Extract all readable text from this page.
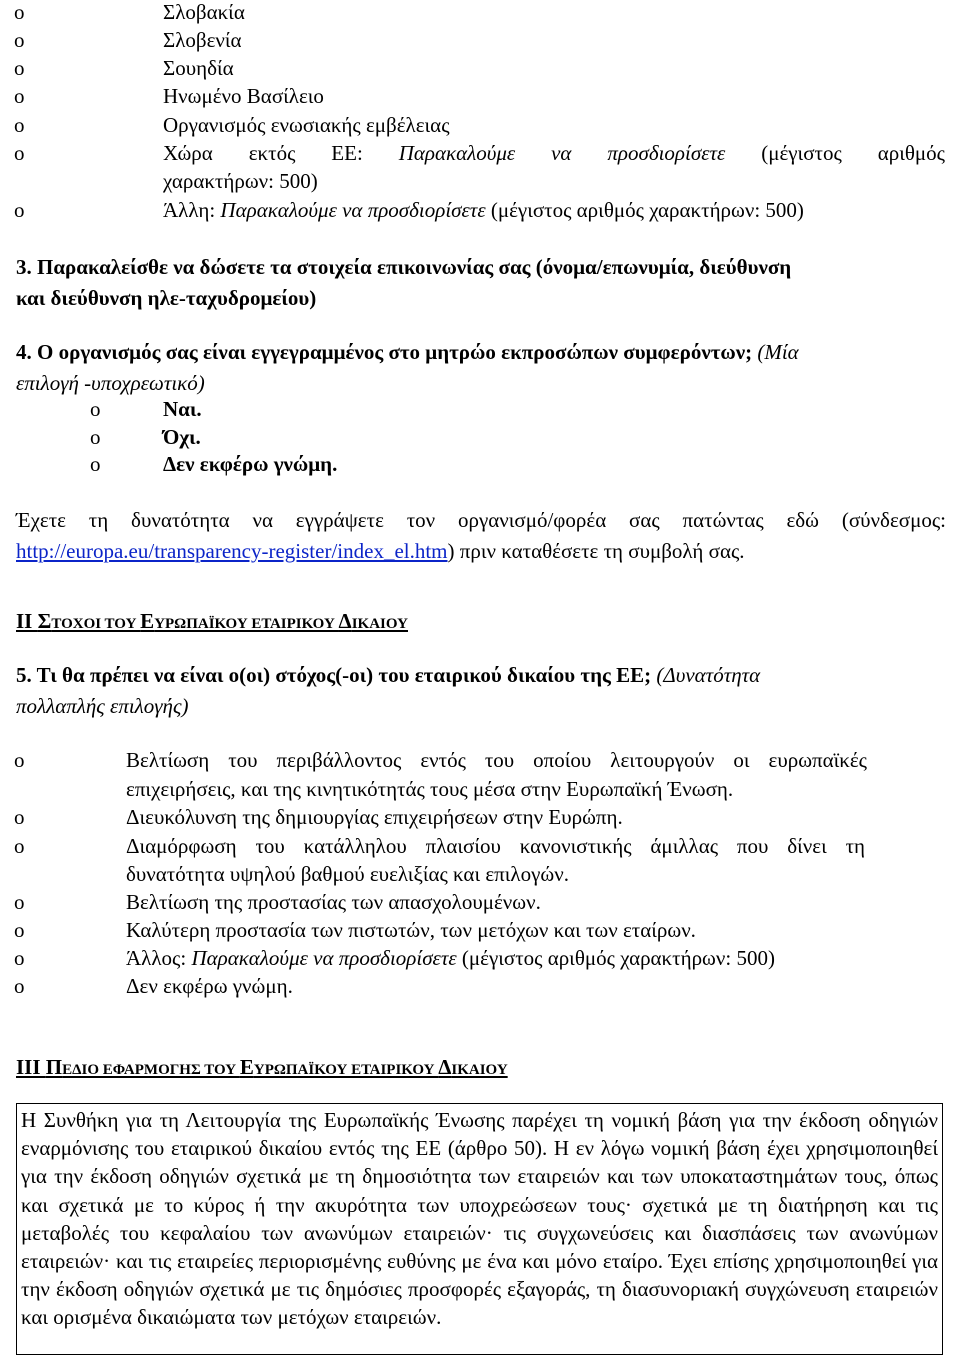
o	Σλοβακία
o	Σλοβενία
o	Σουηδία
o	Ηνωμένο Βασίλειο
o	Οργανισμός ενωσιακής εμβέλειας
o	Χώρα εκτός ΕΕ: Παρακαλούμε να προσδιορίσετε (μέγιστος αριθμός
χαρακτήρων: 500)
o	Άλλη: Παρακαλούμε να προσδιορίσετε (μέγιστος αριθμός χαρακτήρων: 500)
3. Παρακαλείσθε να δώσετε τα στοιχεία επικοινωνίας σας (όνομα/επωνυμία, διεύθυνση
και διεύθυνση ηλε-ταχυδρομείου)
4. Ο οργανισμός σας είναι εγγεγραμμένος στο μητρώο εκπροσώπων συμφερόντων; (Μία
επιλογή -υποχρεωτικό)
o	Ναι.
o	Όχι.
o	Δεν εκφέρω γνώμη.
Έχετε τη δυνατότητα να εγγράψετε τον οργανισμό/φορέα σας πατώντας εδώ (σύνδεσμος:
http://europa.eu/transparency-register/index_el.htm) πριν καταθέσετε τη συμβολή σας.
II ΣΤΟΧΟΙ ΤΟΥ ΕΥΡΩΠΑΪΚΟΥ ΕΤΑΙΡΙΚΟΥ ΔΙΚΑΙΟΥ
5. Τι θα πρέπει να είναι ο(οι) στόχος(-οι) του εταιρικού δικαίου της ΕΕ; (Δυνατότητα
πολλαπλής επιλογής)
o	Βελτίωση του περιβάλλοντος εντός του οποίου λειτουργούν οι ευρωπαϊκές
επιχειρήσεις, και της κινητικότητάς τους μέσα στην Ευρωπαϊκή Ένωση.
o	Διευκόλυνση της δημιουργίας επιχειρήσεων στην Ευρώπη.
o	Διαμόρφωση του κατάλληλου πλαισίου κανονιστικής άμιλλας που δίνει τη
δυνατότητα υψηλού βαθμού ευελιξίας και επιλογών.
o	Βελτίωση της προστασίας των απασχολουμένων.
o	Καλύτερη προστασία των πιστωτών, των μετόχων και των εταίρων.
o	Άλλος: Παρακαλούμε να προσδιορίσετε (μέγιστος αριθμός χαρακτήρων: 500)
o	Δεν εκφέρω γνώμη.
III ΠΕΔΙΟ ΕΦΑΡΜΟΓΗΣ ΤΟΥ ΕΥΡΩΠΑΪΚΟΥ ΕΤΑΙΡΙΚΟΥ ΔΙΚΑΙΟΥ

Η Συνθήκη για τη Λειτουργία της Ευρωπαϊκής Ένωσης παρέχει τη νομική βάση για την έκδοση οδηγιών εναρμόνισης του εταιρικού δικαίου εντός της ΕΕ (άρθρο 50). Η εν λόγω νομική βάση έχει χρησιμοποιηθεί για την έκδοση οδηγιών σχετικά με τη δημοσιότητα των εταιρειών και των υποκαταστημάτων τους, όπως και σχετικά με το κύρος ή την ακυρότητα των υποχρεώσεων τους· σχετικά με τη διατήρηση και τις μεταβολές του κεφαλαίου των ανωνύμων εταιρειών· τις συγχωνεύσεις και διασπάσεις των ανωνύμων εταιρειών· και τις εταιρείες περιορισμένης ευθύνης με ένα και μόνο εταίρο. Έχει επίσης χρησιμοποιηθεί για την έκδοση οδηγιών σχετικά με τις δημόσιες προσφορές εξαγοράς, τη διασυνοριακή συγχώνευση εταιρειών και ορισμένα δικαιώματα των μετόχων εταιρειών.
